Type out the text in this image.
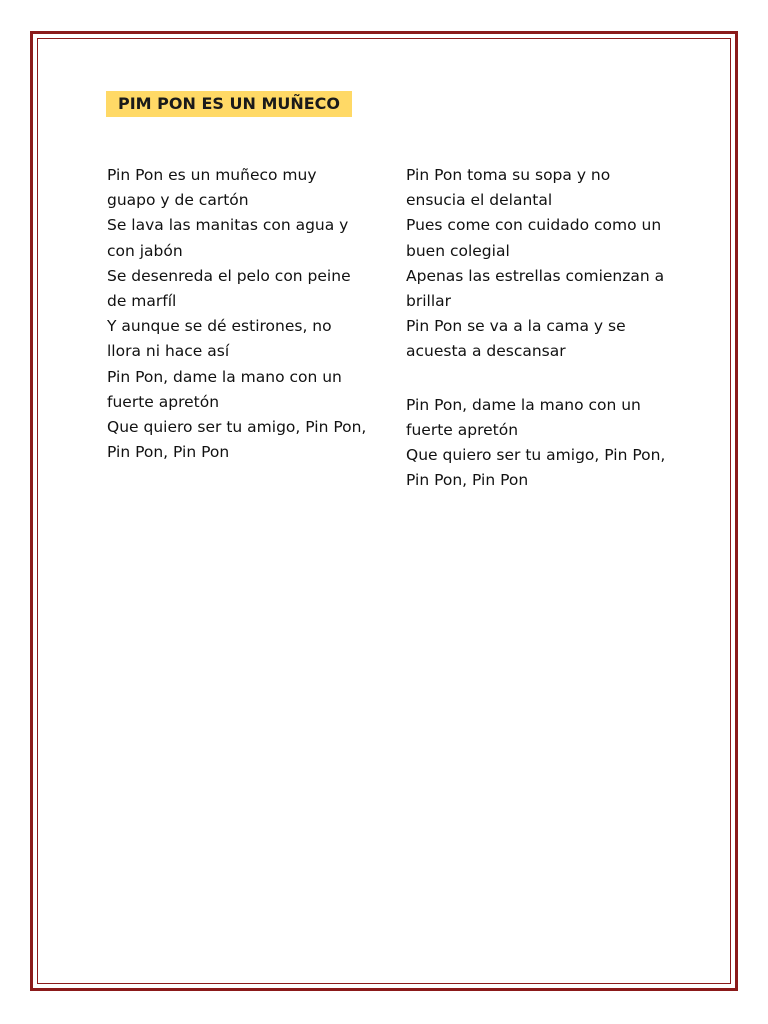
PIM PON ES UN MUÑECO
Pin Pon es un muñeco muy guapo y de cartón
Se lava las manitas con agua y con jabón
Se desenreda el pelo con peine de marfíl
Y aunque se dé estirones, no llora ni hace así
Pin Pon, dame la mano con un fuerte apretón
Que quiero ser tu amigo, Pin Pon, Pin Pon, Pin Pon
Pin Pon toma su sopa y no ensucia el delantal
Pues come con cuidado como un buen colegial
Apenas las estrellas comienzan a brillar
Pin Pon se va a la cama y se acuesta a descansar
Pin Pon, dame la mano con un fuerte apretón
Que quiero ser tu amigo, Pin Pon, Pin Pon, Pin Pon
